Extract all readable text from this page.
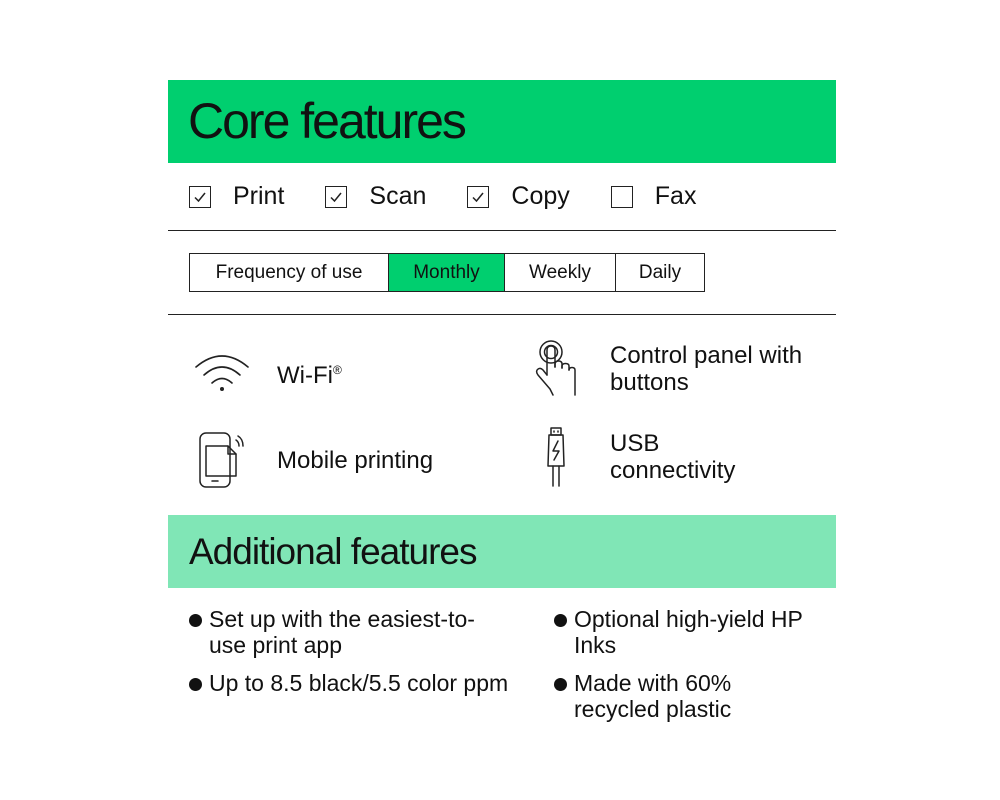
Core features
Print	Scan	Copy	Fax
Frequency of use	Monthly	Weekly	Daily
Wi-Fi®
Control panel with buttons
Mobile printing
USB connectivity
Additional features
Set up with the easiest-to-use print app
Optional high-yield HP Inks
Up to 8.5 black/5.5 color ppm	Made with 60% recycled plastic
